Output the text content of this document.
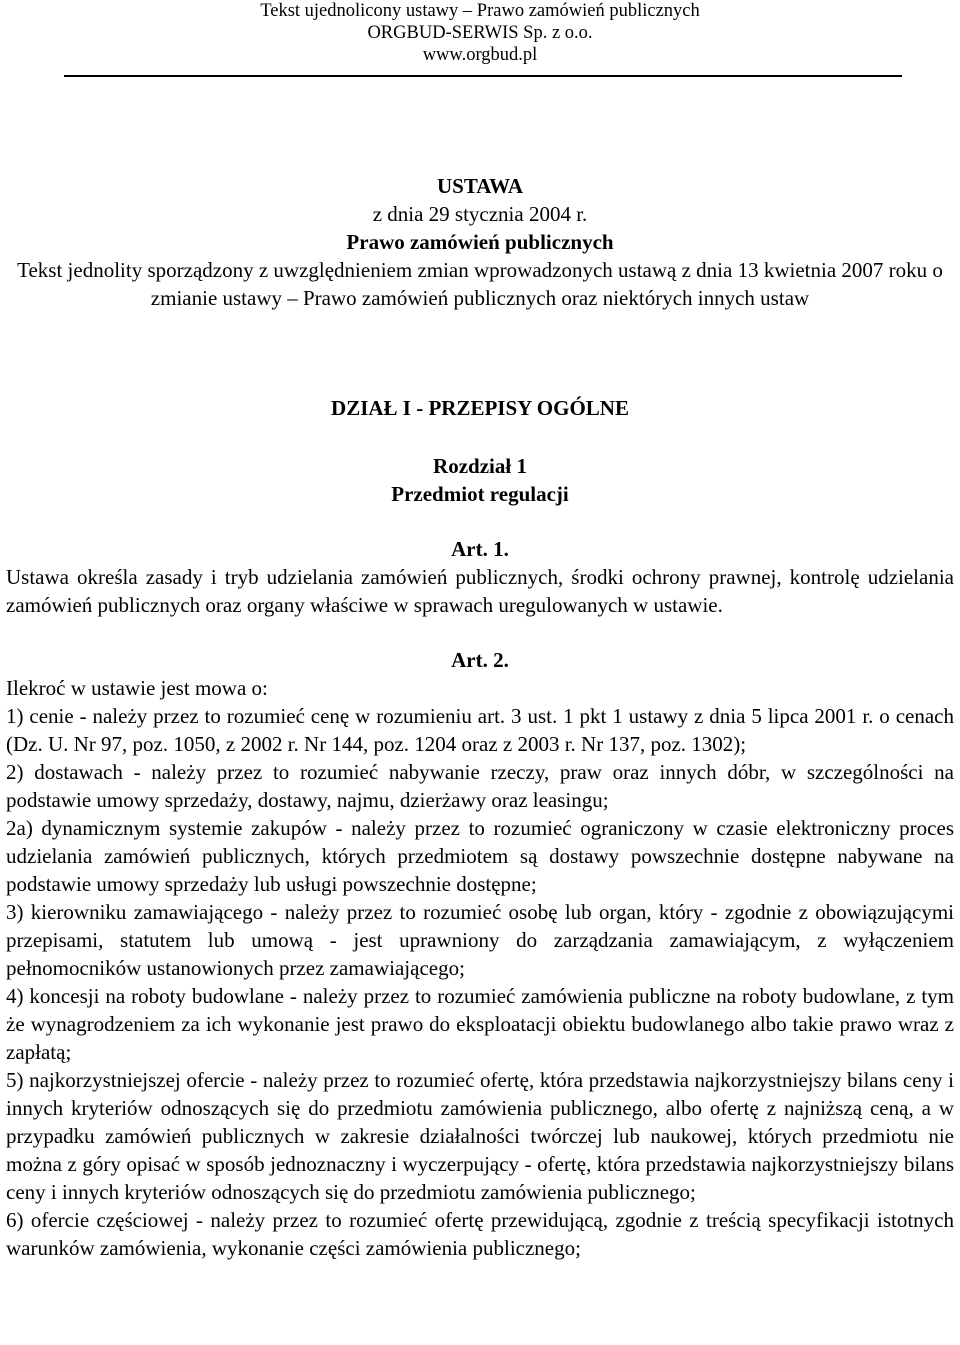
Tekst ujednolicony ustawy – Prawo zamówień publicznych
ORGBUD-SERWIS Sp. z o.o.
www.orgbud.pl
USTAWA
z dnia 29 stycznia 2004 r.
Prawo zamówień publicznych
Tekst jednolity sporządzony z uwzględnieniem zmian wprowadzonych ustawą z dnia 13 kwietnia 2007 roku o zmianie ustawy – Prawo zamówień publicznych oraz niektórych innych ustaw
DZIAŁ I - PRZEPISY OGÓLNE
Rozdział 1
Przedmiot regulacji

Art. 1.

Ustawa określa zasady i tryb udzielania zamówień publicznych, środki ochrony prawnej, kontrolę udzielania zamówień publicznych oraz organy właściwe w sprawach uregulowanych w ustawie.

Art. 2.

Ilekroć w ustawie jest mowa o:

1) cenie - należy przez to rozumieć cenę w rozumieniu art. 3 ust. 1 pkt 1 ustawy z dnia 5 lipca 2001 r. o cenach (Dz. U. Nr 97, poz. 1050, z 2002 r. Nr 144, poz. 1204 oraz z 2003 r. Nr 137, poz. 1302);

2) dostawach - należy przez to rozumieć nabywanie rzeczy, praw oraz innych dóbr, w szczególności na podstawie umowy sprzedaży, dostawy, najmu, dzierżawy oraz leasingu;

2a) dynamicznym systemie zakupów - należy przez to rozumieć ograniczony w czasie elektroniczny proces udzielania zamówień publicznych, których przedmiotem są dostawy powszechnie dostępne nabywane na podstawie umowy sprzedaży lub usługi powszechnie dostępne;

3) kierowniku zamawiającego - należy przez to rozumieć osobę lub organ, który - zgodnie z obowiązującymi przepisami, statutem lub umową - jest uprawniony do zarządzania zamawiającym, z wyłączeniem pełnomocników ustanowionych przez zamawiającego;

4) koncesji na roboty budowlane - należy przez to rozumieć zamówienia publiczne na roboty budowlane, z tym że wynagrodzeniem za ich wykonanie jest prawo do eksploatacji obiektu budowlanego albo takie prawo wraz z zapłatą;

5) najkorzystniejszej ofercie - należy przez to rozumieć ofertę, która przedstawia najkorzystniejszy bilans ceny i innych kryteriów odnoszących się do przedmiotu zamówienia publicznego, albo ofertę z najniższą ceną, a w przypadku zamówień publicznych w zakresie działalności twórczej lub naukowej, których przedmiotu nie można z góry opisać w sposób jednoznaczny i wyczerpujący - ofertę, która przedstawia najkorzystniejszy bilans ceny i innych kryteriów odnoszących się do przedmiotu zamówienia publicznego;

6) ofercie częściowej - należy przez to rozumieć ofertę przewidującą, zgodnie z treścią specyfikacji istotnych warunków zamówienia, wykonanie części zamówienia publicznego;
